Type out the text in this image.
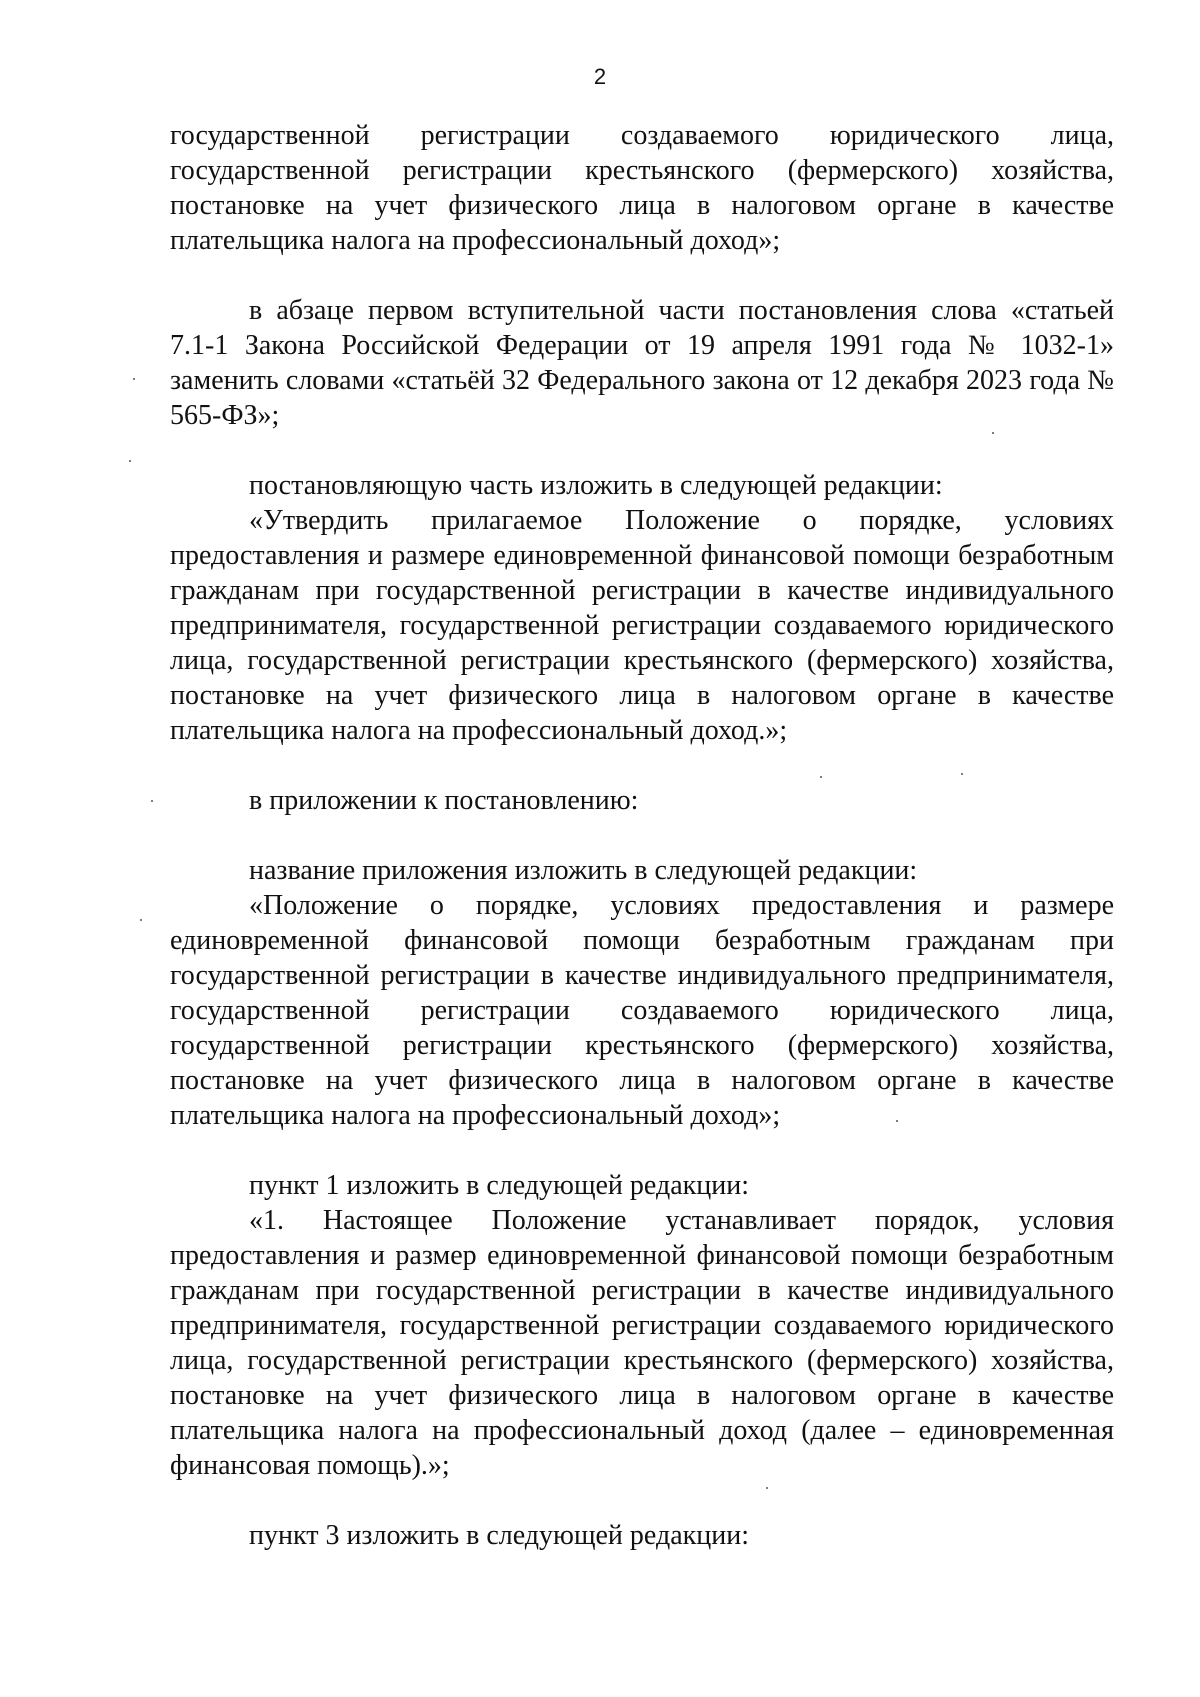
2

государственной регистрации создаваемого юридического лица, государственной регистрации крестьянского (фермерского) хозяйства, постановке на учет физического лица в налоговом органе в качестве плательщика налога на профессиональный доход»;

в абзаце первом вступительной части постановления слова «статьей 7.1-1 Закона Российской Федерации от 19 апреля 1991 года № 1032-1» заменить словами «статьёй 32 Федерального закона от 12 декабря 2023 года № 565-ФЗ»;

постановляющую часть изложить в следующей редакции:

«Утвердить прилагаемое Положение о порядке, условиях предоставления и размере единовременной финансовой помощи безработным гражданам при государственной регистрации в качестве индивидуального предпринимателя, государственной регистрации создаваемого юридического лица, государственной регистрации крестьянского (фермерского) хозяйства, постановке на учет физического лица в налоговом органе в качестве плательщика налога на профессиональный доход.»;

в приложении к постановлению:

название приложения изложить в следующей редакции:

«Положение о порядке, условиях предоставления и размере единовременной финансовой помощи безработным гражданам при государственной регистрации в качестве индивидуального предпринимателя, государственной регистрации создаваемого юридического лица, государственной регистрации крестьянского (фермерского) хозяйства, постановке на учет физического лица в налоговом органе в качестве плательщика налога на профессиональный доход»;

пункт 1 изложить в следующей редакции:

«1. Настоящее Положение устанавливает порядок, условия предоставления и размер единовременной финансовой помощи безработным гражданам при государственной регистрации в качестве индивидуального предпринимателя, государственной регистрации создаваемого юридического лица, государственной регистрации крестьянского (фермерского) хозяйства, постановке на учет физического лица в налоговом органе в качестве плательщика налога на профессиональный доход (далее – единовременная финансовая помощь).»;

пункт 3 изложить в следующей редакции:
